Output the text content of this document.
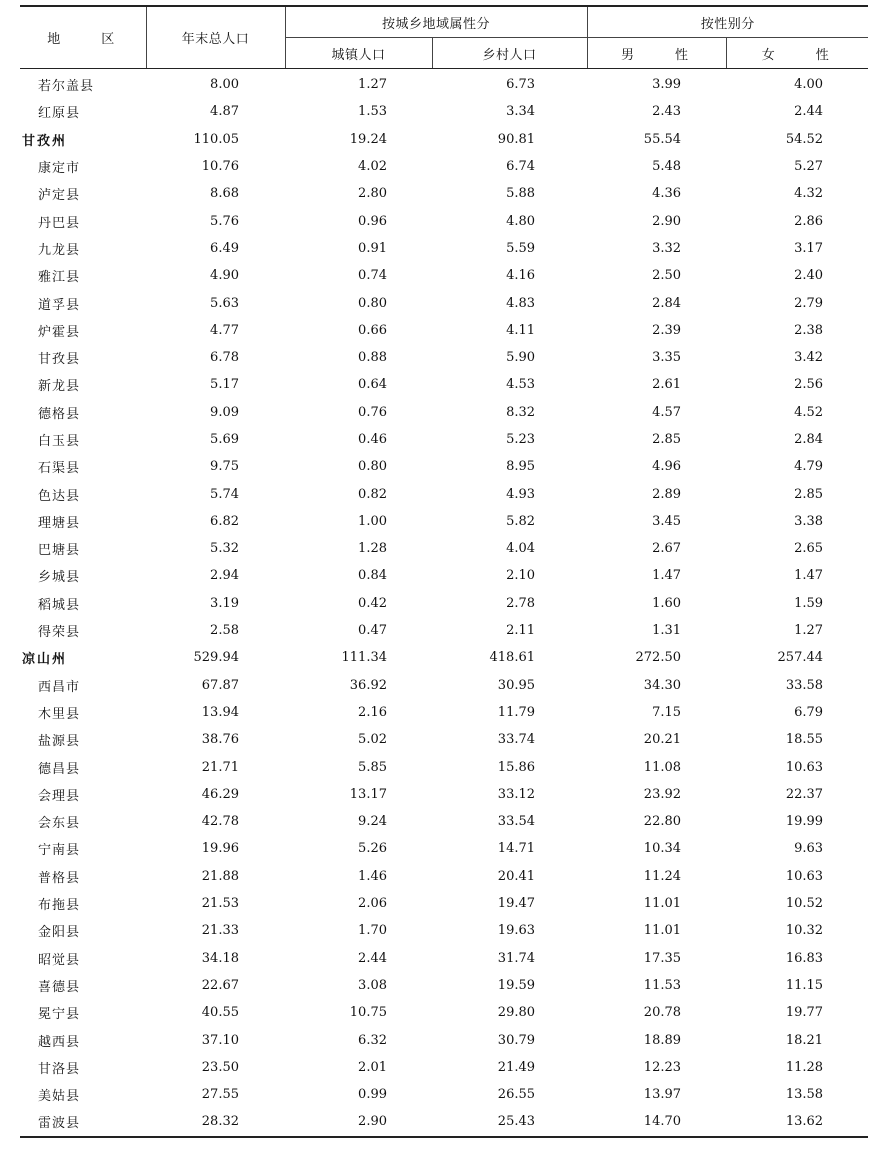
地　区	年末总人口	按城乡地域属性分		按性别分	
		城镇人口	乡村人口	男　性	女　性
若尔盖县	8.00	1.27	6.73	3.99	4.00
红原县	4.87	1.53	3.34	2.43	2.44
甘孜州	110.05	19.24	90.81	55.54	54.52
康定市	10.76	4.02	6.74	5.48	5.27
泸定县	8.68	2.80	5.88	4.36	4.32
丹巴县	5.76	0.96	4.80	2.90	2.86
九龙县	6.49	0.91	5.59	3.32	3.17
雅江县	4.90	0.74	4.16	2.50	2.40
道孚县	5.63	0.80	4.83	2.84	2.79
炉霍县	4.77	0.66	4.11	2.39	2.38
甘孜县	6.78	0.88	5.90	3.35	3.42
新龙县	5.17	0.64	4.53	2.61	2.56
德格县	9.09	0.76	8.32	4.57	4.52
白玉县	5.69	0.46	5.23	2.85	2.84
石渠县	9.75	0.80	8.95	4.96	4.79
色达县	5.74	0.82	4.93	2.89	2.85
理塘县	6.82	1.00	5.82	3.45	3.38
巴塘县	5.32	1.28	4.04	2.67	2.65
乡城县	2.94	0.84	2.10	1.47	1.47
稻城县	3.19	0.42	2.78	1.60	1.59
得荣县	2.58	0.47	2.11	1.31	1.27
凉山州	529.94	111.34	418.61	272.50	257.44
西昌市	67.87	36.92	30.95	34.30	33.58
木里县	13.94	2.16	11.79	7.15	6.79
盐源县	38.76	5.02	33.74	20.21	18.55
德昌县	21.71	5.85	15.86	11.08	10.63
会理县	46.29	13.17	33.12	23.92	22.37
会东县	42.78	9.24	33.54	22.80	19.99
宁南县	19.96	5.26	14.71	10.34	9.63
普格县	21.88	1.46	20.41	11.24	10.63
布拖县	21.53	2.06	19.47	11.01	10.52
金阳县	21.33	1.70	19.63	11.01	10.32
昭觉县	34.18	2.44	31.74	17.35	16.83
喜德县	22.67	3.08	19.59	11.53	11.15
冕宁县	40.55	10.75	29.80	20.78	19.77
越西县	37.10	6.32	30.79	18.89	18.21
甘洛县	23.50	2.01	21.49	12.23	11.28
美姑县	27.55	0.99	26.55	13.97	13.58
雷波县	28.32	2.90	25.43	14.70	13.62
